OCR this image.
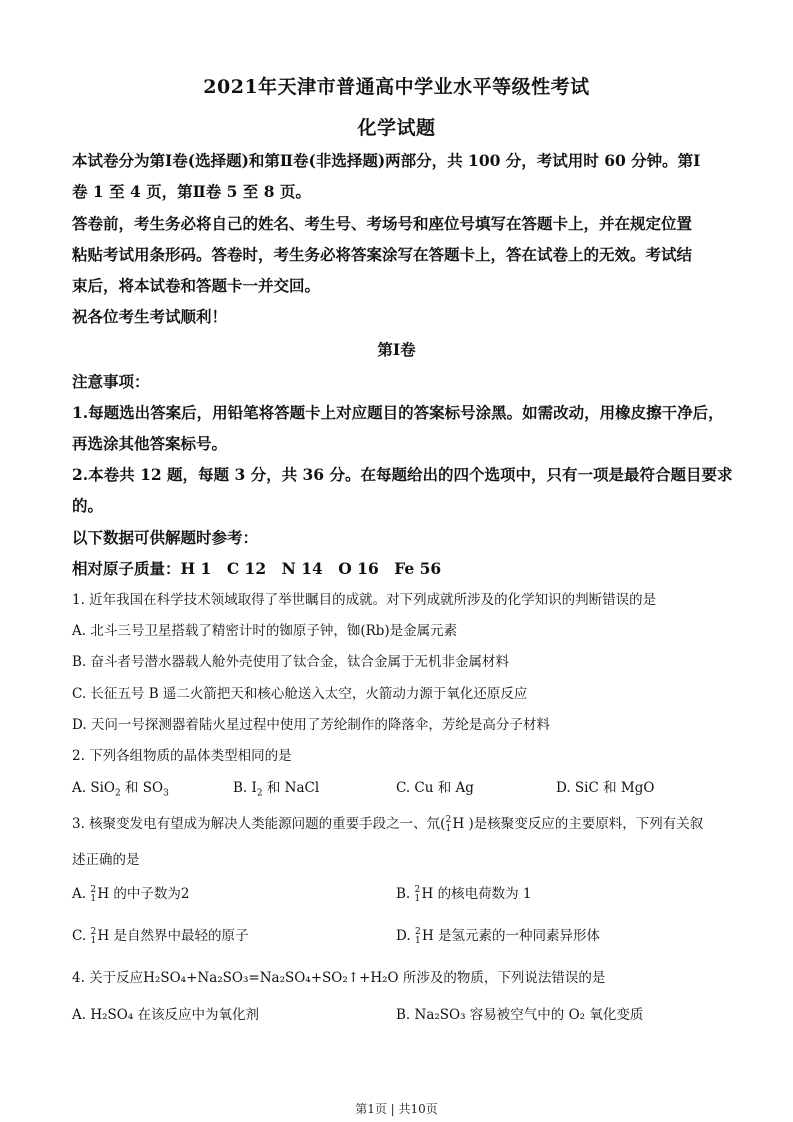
2021年天津市普通高中学业水平等级性考试
化学试题
本试卷分为第Ⅰ卷(选择题)和第Ⅱ卷(非选择题)两部分，共 100 分，考试用时 60 分钟。第Ⅰ
卷 1 至 4 页，第Ⅱ卷 5 至 8 页。
答卷前，考生务必将自己的姓名、考生号、考场号和座位号填写在答题卡上，并在规定位置
粘贴考试用条形码。答卷时，考生务必将答案涂写在答题卡上，答在试卷上的无效。考试结
束后，将本试卷和答题卡一并交回。
祝各位考生考试顺利！
第Ⅰ卷
注意事项：
1.每题选出答案后，用铅笔将答题卡上对应题目的答案标号涂黑。如需改动，用橡皮擦干净后，
再选涂其他答案标号。
2.本卷共 12 题，每题 3 分，共 36 分。在每题给出的四个选项中，只有一项是最符合题目要求
的。
以下数据可供解题时参考：
相对原子质量：H 1　C 12　N 14　O 16　Fe 56
1. 近年我国在科学技术领域取得了举世瞩目的成就。对下列成就所涉及的化学知识的判断错误的是
A. 北斗三号卫星搭载了精密计时的铷原子钟，铷(Rb)是金属元素
B. 奋斗者号潜水器载人舱外壳使用了钛合金，钛合金属于无机非金属材料
C. 长征五号 B 遥二火箭把天和核心舱送入太空，火箭动力源于氧化还原反应
D. 天问一号探测器着陆火星过程中使用了芳纶制作的降落伞，芳纶是高分子材料
2. 下列各组物质的晶体类型相同的是
A. SiO$_2$ 和 $SO_3$	B. $I_2$ 和 NaCl	C. Cu 和 Ag	D. SiC 和 MgO
3. 核聚变发电有望成为解决人类能源问题的重要手段之一、氘( 2
1 H )是核聚变反应的主要原料，下列有关叙
述正确的是
A. 2
1 H 的中子数为2	B. 2
1 H 的核电荷数为 1
C. 2
1 H 是自然界中最轻的原子	D. 2
1 H 是氢元素的一种同素异形体
4. 关于反应H₂SO₄+Na₂SO₃=Na₂SO₄+SO₂↑+H₂O 所涉及的物质，下列说法错误的是
A. H₂SO₄ 在该反应中为氧化剂	B. Na₂SO₃ 容易被空气中的 O₂ 氧化变质
第1页 | 共10页
